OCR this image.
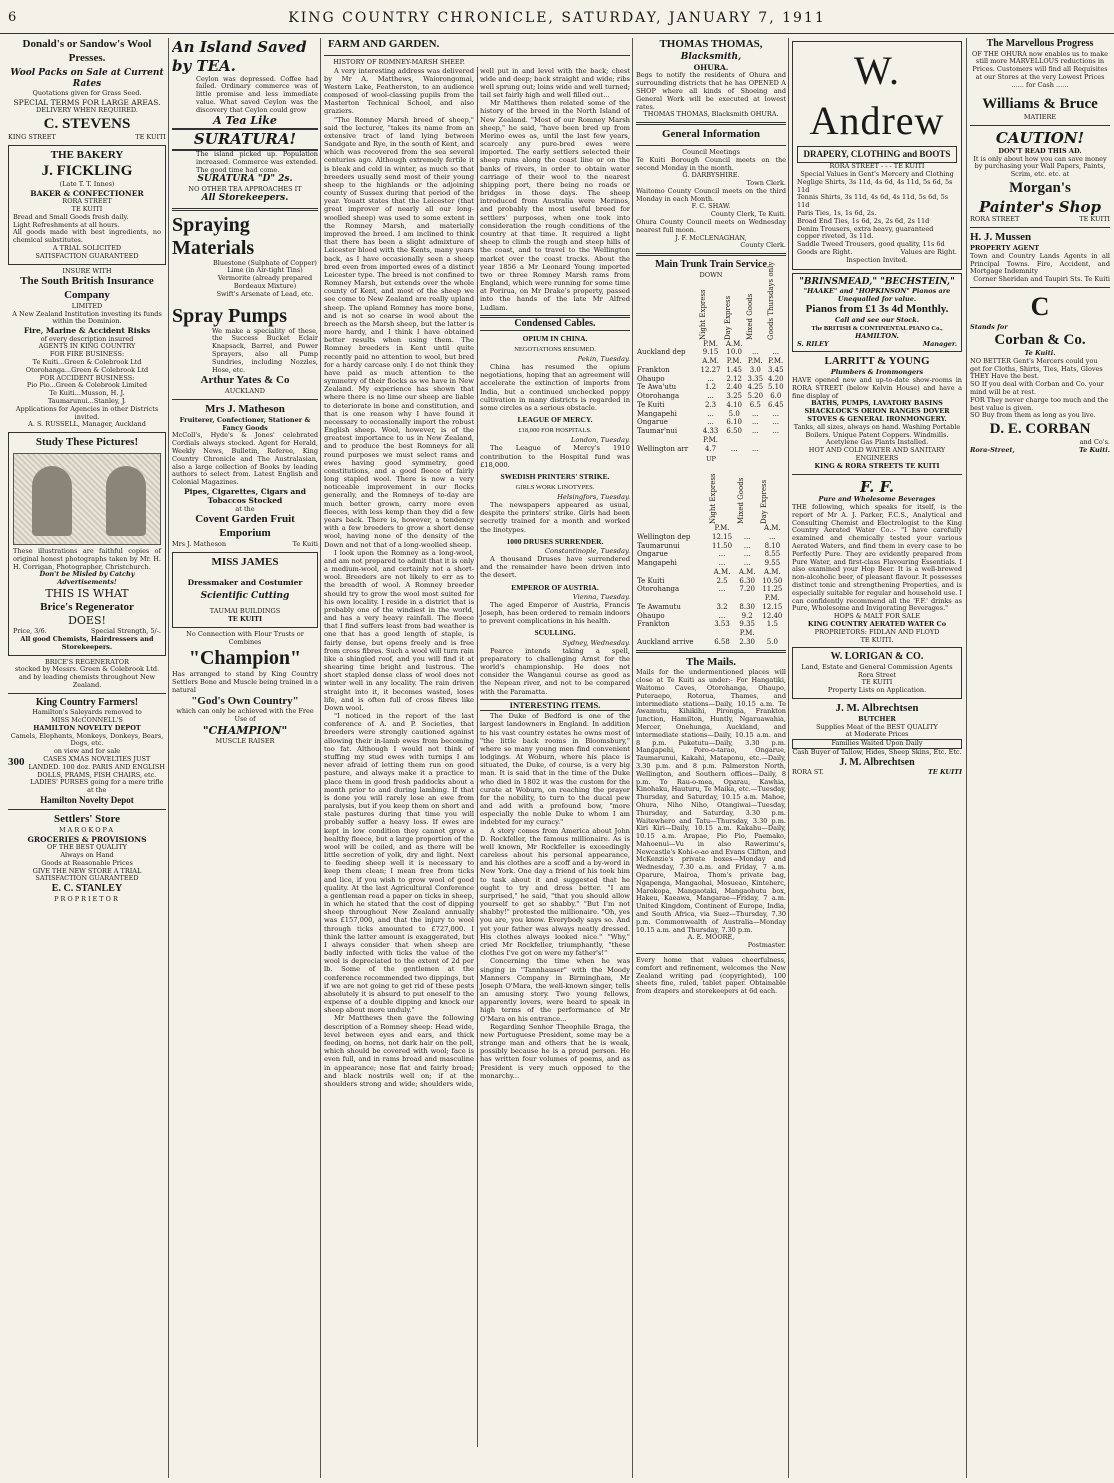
6	KING COUNTRY CHRONICLE, SATURDAY, JANUARY 7, 1911
Donald's or Sandow's Wool Presses.
Wool Packs on Sale at Current Rates
Quotations given for Grass Seed.
SPECIAL TERMS FOR LARGE AREAS.
DELIVERY WHEN REQUIRED.
C. STEVENS
KING STREET	TE KUITI
THE BAKERY
J. FICKLING
(Late T. T. Innes)
BAKER & CONFECTIONER
RORA STREET
TE KUITI
Bread and Small Goods fresh daily.
Light Refreshments at all hours.
All goods made with best ingredients, no chemical substitutes.
A TRIAL SOLICITED
SATISFACTION GUARANTEED
INSURE WITH
The South British Insurance Company
LIMITED
A New Zealand Institution investing its funds within the Dominion.
Fire, Marine & Accident Risks
of every description insured
AGENTS IN KING COUNTRY
FOR FIRE BUSINESS:
Te Kuiti...Green & Colebrook Ltd
Otorohanga...Green & Colebrook Ltd
FOR ACCIDENT BUSINESS:
Pio Pio...Green & Colebrook Limited
Te Kuiti...Musson, H. J.
Taumarunui...Stanley, J.
Applications for Agencies in other Districts invited.
A. S. RUSSELL, Manager, Auckland
Study These Pictures!
These illustrations are faithful copies of original honest photographs taken by Mr. H. H. Corrigan, Photographer, Christchurch.
Don't be Misled by Catchy Advertisements!
THIS IS WHAT
Brice's Regenerator
DOES!
Price, 3/6.	Special Strength, 5/-.
All good Chemists, Hairdressers and Storekeepers.
BRICE'S REGENERATOR
stocked by Messrs. Green & Colebrook Ltd. and by leading chemists throughout New Zealand.
King Country Farmers!
Hamilton's Saleyards removed to
MISS McCONNELL'S
HAMILTON NOVELTY DEPOT
Camels, Elephants, Monkeys, Donkeys, Bears, Dogs, etc.
on view and for sale
300	CASES XMAS NOVELTIES JUST LANDED. 100 doz. PARIS AND ENGLISH DOLLS, PRAMS, FISH CHAIRS, etc. LADIES' PURSES going for a mere trifle at the
Hamilton Novelty Depot
Settlers' Store
MAROKOPA
GROCERIES & PROVISIONS
OF THE BEST QUALITY
Always on Hand
Goods at Reasonable Prices
GIVE THE NEW STORE A TRIAL SATISFACTION GUARANTEED
E. C. STANLEY
PROPRIETOR
An Island Saved by TEA.
Ceylon was depressed. Coffee had failed. Ordinary commerce was of little promise and less immediate value. What saved Ceylon was the discovery that Ceylon could grow
A Tea Like
SURATURA!
The island picked up. Population increased. Commerce was extended. The good time had come.
SURATURA "D" 2s.
NO OTHER TEA APPROACHES IT
All Storekeepers.
Spraying Materials
Bluestone (Sulphate of Copper)
Lime (in Air-tight Tins)
Vermorite (already prepared Bordeaux Mixture)
Swift's Arsenate of Lead, etc.
Spray Pumps
We make a speciality of these, the Success Bucket Eclair Knapsack, Barrel, and Power Sprayers, also all Pump Sundries, including Nozzles, Hose, etc.
Arthur Yates & Co
AUCKLAND
Mrs J. Matheson
Fruiterer, Confectioner, Stationer & Fancy Goods
McColl's, Hyde's & Jones' celebrated Cordials always stocked. Agent for Herald, Weekly News, Bulletin, Referee, King Country Chronicle and The Australasian, also a large collection of Books by leading authors to select from. Latest English and Colonial Magazines.
Pipes, Cigarettes, Cigars and Tobaccos Stocked
at the
Covent Garden Fruit Emporium
Mrs J. Matheson	Te Kuiti
MISS JAMES
Dressmaker and Costumier
Scientific Cutting
TAUMAI BUILDINGS
TE KUITI
No Connection with Flour Trusts or Combines
"Champion"
Has arranged to stand by King Country Settlers Bone and Muscle being trained in a natural
"God's Own Country"
which can only be achieved with the Free Use of
"CHAMPION"
MUSCLE RAISER
FARM AND GARDEN.
HISTORY OF ROMNEY-MARSH SHEEP.

A very interesting address was delivered by Mr A. Matthews, Waiorongomai, Western Lake, Featherston, to an audience composed of wool-classing pupils from the Masterton Technical School, and also graziers.

"The Romney Marsh breed of sheep," said the lecturer, "takes its name from an extensive tract of land lying between Sandgate and Rye, in the south of Kent, and which was recovered from the sea several centuries ago. Although extremely fertile it is bleak and cold in winter, as much so that breeders usually send most of their young sheep to the highlands or the adjoining county of Sussex during that period of the year. Youatt states that the Leicester (that great improver of nearly all our long-woolled sheep) was used to some extent in the Romney Marsh, and materially improved the breed. I am inclined to think that there has been a slight admixture of Leicester blood with the Kents, many years back, as I have occasionally seen a sheep bred even from imported ewes of a distinct Leicester type. The breed is not confined to Romney Marsh, but extends over the whole county of Kent, and most of the sheep we see come to New Zealand are really upland sheep. The upland Romney has more bone, and is not so coarse in wool about the breech as the Marsh sheep, but the latter is more hardy, and I think I have obtained better results when using them. The Romney breeders in Kent until quite recently paid no attention to wool, but bred for a hardy carcase only. I do not think they have paid as much attention to the symmetry of their flocks as we have in New Zealand. My experience has shown that where there is no lime our sheep are liable to deteriorate in bone and constitution, and that is one reason why I have found it necessary to occasionally import the robust English sheep. Wool, however, is of the greatest importance to us in New Zealand, and to produce the best Romneys for all round purposes we must select rams and ewes having good symmetry, good constitutions, and a good fleece of fairly long stapled wool. There is now a very noticeable improvement in our flocks generally, and the Romneys of to-day are much better grown, carry more even fleeces, with less kemp than they did a few years back. There is, however, a tendency with a few breeders to grow a short dense wool, having none of the density of the Down and not that of a long-woolled sheep.

I look upon the Romney as a long-wool, and am not prepared to admit that it is only a medium-wool, and certainly not a short-wool. Breeders are not likely to err as to the breadth of wool. A Romney breeder should try to grow the wool most suited for his own locality. I reside in a district that is probably one of the windiest in the world, and has a very heavy rainfall. The fleece that I find suffers least from bad weather is one that has a good length of staple, is fairly dense, but opens freely and is free from cross fibres. Such a wool will turn rain like a shingled roof, and you will find it at shearing time bright and lustrous. The short stapled dense class of wool does not winter well in any locality. The rain driven straight into it, it becomes wasted, loses life, and is often full of cross fibres like Down wool.

"I noticed in the report of the last conference of A. and P. Societies, that breeders were strongly cautioned against allowing their in-lamb ewes from becoming too fat. Although I would not think of stuffing my stud ewes with turnips I am never afraid of letting them run on good pasture, and always make it a practice to place them in good fresh paddocks about a month prior to and during lambing. If that is done you will rarely lose an ewe from paralysis, but if you keep them on short and stale pastures during that time you will probably suffer a heavy loss. If ewes are kept in low condition they cannot grow a healthy fleece, but a large proportion of the wool will be coiled, and as there will be little secretion of yolk, dry and light. Next to feeding sheep well it is necessary to keep them clean; I mean free from ticks and lice, if you wish to grow wool of good quality. At the last Agricultural Conference a gentleman read a paper on ticks in sheep, in which he stated that the cost of dipping sheep throughout New Zealand annually was £157,000, and that the injury to wool through ticks amounted to £727,000. I think the latter amount is exaggerated, but I always consider that when sheep are badly infected with ticks the value of the wool is depreciated to the extent of 2d per lb. Some of the gentlemen at the conference recommended two dippings, but if we are not going to get rid of these pests absolutely it is absurd to put oneself to the expense of a double dipping and knock our sheep about more unduly."

Mr Matthews then gave the following description of a Romney sheep: Head wide, level between eyes and ears, and thick feeding, on horns, not dark hair on the poll, which should be covered with wool; face is even full, and in rams broad and masculine in appearance; nose flat and fairly broad; and black nostrils well on; if at the shoulders strong and wide; shoulders wide, well put in and level with the back; chest wide and deep; back straight and wide; ribs well sprung out; loins wide and well turned; tail set fairly high and well filled out...

Mr Matthews then related some of the history of the breed in the North Island of New Zealand. "Most of our Romney Marsh sheep," he said, "have been bred up from Merino ewes as, until the last few years, scarcely any pure-bred ewes were imported. The early settlers selected their sheep runs along the coast line or on the banks of rivers, in order to obtain water carriage of their wool to the nearest shipping port, there being no roads or bridges in those days. The sheep introduced from Australia were Merinos, and probably the most useful breed for settlers' purposes, when one took into consideration the rough conditions of the country at that time. It required a light sheep to climb the rough and steep hills of the coast, and to travel to the Wellington market over the coast tracks. About the year 1856 a Mr Leonard Young imported two or three Romney Marsh rams from England, which were running for some time at Porirua, on Mr Drake's property, passed into the hands of the late Mr Alfred Ludlam.

Condensed Cables.
OPIUM IN CHINA.
NEGOTIATIONS RESUMED.
Pekin, Tuesday.

China has resumed the opium negotiations, hoping that an agreement will accelerate the extinction of imports from India, but a continued unchecked poppy cultivation in many districts is regarded in some circles as a serious obstacle.

LEAGUE OF MERCY.
£18,000 FOR HOSPITALS.
London, Tuesday.

The League of Mercy's 1910 contribution to the Hospital fund was £18,000.

SWEDISH PRINTERS' STRIKE.
GIRLS WORK LINOTYPES.
Helsingfors, Tuesday.

The newspapers appeared as usual, despite the printers' strike. Girls had been secretly trained for a month and worked the linotypes.

1000 DRUSES SURRENDER.
Constantinople, Tuesday.

A thousand Druses have surrendered and the remainder have been driven into the desert.

EMPEROR OF AUSTRIA.
Vienna, Tuesday.

The aged Emperor of Austria, Francis Joseph, has been ordered to remain indoors to prevent complications in his health.

SCULLING.
Sydney, Wednesday.

Pearce intends taking a spell, preparatory to challenging Arnst for the world's championship. He does not consider the Wanganui course as good as the Nepean river, and not to be compared with the Paramatta.

INTERESTING ITEMS.

The Duke of Bedford is one of the largest landowners in England. In addition to his vast country estates he owns most of "the little back rooms in Bloomsbury," where so many young men find convenient lodgings. At Woburn, where his place is situated, the Duke, of course, is a very big man. It is said that in the time of the Duke who died in 1802 it was the custom for the curate at Woburn, on reaching the prayer for the nobility, to turn to the ducal pew and add with a profound bow, "more especially the noble Duke to whom I am indebted for my curacy."

A story comes from America about John D. Rockfeller, the famous millionaire. As is well known, Mr Rockfeller is exceedingly careless about his personal appearance, and his clothes are a scoff and a by-word in New York. One day a friend of his took him to task about it and suggested that he ought to try and dress better. "I am surprised," he said, "that you should allow yourself to get so shabby." "But I'm not shabby!" protested the millionaire. "Oh, yes you are, you know. Everybody says so. And yet your father was always neatly dressed. His clothes always looked nice." "Why," cried Mr Rockfeller, triumphantly, "these clothes I've got on were my father's!"

Concerning the time when he was singing in "Tannhauser" with the Moody Manners Company in Birmingham, Mr Joseph O'Mara, the well-known singer, tells an amusing story. Two young fellows, apparently lovers, were heard to speak in high terms of the performance of Mr O'Mara on his entrance...

Regarding Senhor Theophile Braga, the new Portuguese President, some may be a strange man and others that he is weak, possibly because he is a proud person. He has written four volumes of poems, and as President is very much opposed to the monarchy...

THOMAS THOMAS,
Blacksmith,
OHURA.
Begs to notify the residents of Ohura and surrounding districts that he has OPENED A SHOP where all kinds of Shoeing and General Work will be executed at lowest rates.
THOMAS THOMAS, Blacksmith OHURA.
General Information
Council Meetings
Te Kuiti Borough Council meets on the second Monday in the month.
G. DARBYSHIRE.
Town Clerk.
Waitomo County Council meets on the third Monday in each Month.
F. C. SHAW.
County Clerk, Te Kuiti.
Ohura County Council meets on Wednesday nearest full moon.
J. F. McCLENAGHAN,
County Clerk.
Main Trunk Train Service
DOWN

	Night Express	Day Express	Mixed Goods	Goods Thursdays only

	P.M.	A.M.		
Auckland dep	9.15	10.0	...	...
	A.M.	P.M.	P.M.	P.M.
Frankton	12.27	1.45	3.0	3.45
Ohaupo	...	2.12	3.35	4.20
Te Awa'utu	1.2	2.40	4.25	5.10
Otorohanga	...	3.25	5.20	6.0
Te Kuiti	2.3	4.10	6.5	6.45
Mangapehi	...	5.0	...	...
Ongarue	...	6.10	...	...
Taumar'nui	4.33	6.50	...	...
	P.M.			
Wellington arr	4.7	...	...	
UP

	Night Express	Mixed Goods	Day Express

	P.M.		A.M.
Wellington dep	12.15	...	...
Taumarunui	11.50	...	8.10
Ongarue	...	...	8.55
Mangapehi	...	...	9.55
	A.M.	A.M.	A.M.
Te Kuiti	2.5	6.30	10.50
Otorohanga	...	7.20	11.25
			P.M.
Te Awamutu	3.2	8.30	12.15
Ohaupo	...	9.2	12.40
Frankton	3.53	9.35	1.5
		P.M.	
Auckland arrive	6.58	2.30	5.0
The Mails.
Mails for the undermentioned places will close at Te Kuiti as under:- For Hangatiki, Waitomo Caves, Otorohanga, Ohaupo, Puteraepo, Rotorua, Thames, and intermediate stations—Daily, 10.15 a.m. Te Awamutu, Kihikihi, Pirongia, Frankton Junction, Hamilton, Huntly, Ngaruawahia, Mercer, Onehunga, Auckland, and intermediate stations—Daily, 10.15 a.m. and 8 p.m. Puketutu—Daily, 3.30 p.m. Mangapehi, Poro-o-tarao, Ongarue, Taumarunui, Kakahi, Mataponu, etc.—Daily, 3.30 p.m. and 8 p.m. Palmerston North, Wellington, and Southern offices—Daily, 8 p.m. To Rau-o-mea, Oparau, Kawhia, Kinohaku, Hauturu, Te Maika, etc.—Tuesday, Thursday, and Saturday, 10.15 a.m. Mahoe, Ohura, Niho Niho, Otangiwai—Tuesday, Thursday, and Saturday, 3.30 p.m. Waitewhero and Tatu—Thursday, 3.30 p.m. Kiri Kiri—Daily, 10.15 a.m. Kakahu—Daily, 10.15 a.m. Arapae, Pio Pio, Paemako, Mahoenui—Vu in also Rawerimu's, Newcastle's Kohi-o-ao and Evans Clifton, and McKenzie's private boxes—Monday and Wednesday, 7.30 a.m. and Friday, 7 a.m. Oparure, Mairoa, Thom's private bag, Ngapenga, Mangaohai, Mosueao, Kinteherc, Marokopa, Mangaotaki, Mangaohutu box, Hakeu, Kaeawa, Mangarae—Friday, 7 a.m. United Kingdom, Continent of Europe, India, and South Africa, via Suez—Thursday, 7.30 p.m. Commonwealth of Australia—Monday 10.15 a.m. and Thursday, 7.30 p.m.
A. E. MOORE,
Postmaster.
Every home that values cheerfulness, comfort and refinement, welcomes the New Zealand writing pad (copyrighted), 100 sheets fine, ruled, tablet paper. Obtainable from drapers and storekeepers at 6d each.
W. Andrew
DRAPERY, CLOTHING and BOOTS
RORA STREET - - - TE KUITI
Special Values in Gent's Mercery and Clothing
Neglige Shirts, 3s 11d, 4s 6d, 4s 11d, 5s 6d, 5s 11d
Tennis Shirts, 3s 11d, 4s 6d, 4s 11d, 5s 6d, 5s 11d
Paris Ties, 1s, 1s 6d, 2s.
Broad End Ties, 1s 6d, 2s, 2s 6d, 2s 11d
Denim Trousers, extra heavy, guaranteed copper riveted, 3s 11d.
Saddle Tweed Trousers, good quality, 11s 6d
Goods are Right.	Values are Right.
Inspection Invited.
"BRINSMEAD," "BECHSTEIN,"
"HAAKE" and "HOPKINSON" Pianos are Unequalled for value.
Pianos from £1 3s 4d Monthly.
Call and see our Stock.
The BRITISH & CONTINENTAL PIANO Co.,
HAMILTON.
S. RILEY	Manager.
LARRITT & YOUNG
Plumbers & Ironmongers
HAVE opened new and up-to-date show-rooms in RORA STREET (below Kelvin House) and have a fine display of
BATHS, PUMPS, LAVATORY BASINS SHACKLOCK'S ORION RANGES DOVER STOVES & GENERAL IRONMONGERY.
Tanks, all sizes, always on hand. Washing Portable Boilers. Unique Patent Coppers. Windmills.
Acetylene Gas Plants Installed.
HOT AND COLD WATER AND SANITARY ENGINEERS
KING & RORA STREETS TE KUITI
F. F.
Pure and Wholesome Beverages
THE following, which speaks for itself, is the report of Mr A. J. Parker, F.C.S., Analytical and Consulting Chemist and Electrologist to the King Country Aerated Water Co.:- "I have carefully examined and chemically tested your various Aerated Waters, and find them in every case to be Perfectly Pure. They are evidently prepared from Pure Water, and first-class Flavouring Essentials. I also examined your Hop Beer. It is a well-brewed non-alcoholic beer, of pleasant flavour. It possesses distinct tonic and strengthening Properties, and is especially suitable for regular and household use. I can confidently recommend all the 'F.F.' drinks as Pure, Wholesome and Invigorating Beverages."
HOPS & MALT FOR SALE
KING COUNTRY AERATED WATER Co
PROPRIETORS: FIDLAN AND FLOYD
TE KUITI.
W. LORIGAN & CO.
Land, Estate and General Commission Agents
Rora Street
TE KUITI
Property Lists on Application.
J. M. Albrechtsen
BUTCHER
Supplies Meat of the BEST QUALITY
at Moderate Prices
Families Waited Upon Daily
Cash Buyer of Tallow, Hides, Sheep Skins, Etc. Etc.
J. M. Albrechtsen
RORA ST.	TE KUITI
The Marvellous Progress
OF THE OHURA now enables us to make still more MARVELLOUS reductions in Prices. Customers will find all Requisites at our Stores at the very Lowest Prices ...... for Cash ......
Williams & Bruce
MATIERE
CAUTION!
DON'T READ THIS AD.
It is only about how you can save money by purchasing your Wall Papers, Paints, Scrim, etc. etc. at
Morgan's
Painter's Shop
RORA STREET	TE KUITI
H. J. Mussen
PROPERTY AGENT
Town and Country Lands Agents in all Principal Towns. Fire, Accident, and Mortgage Indemnity
Corner Sheridan and Taupiri Sts. Te Kuiti
C
Stands for
Corban & Co.
Te Kuiti.
NO BETTER Gent's Mercers could you get for Cloths, Shirts, Ties, Hats, Gloves
THEY Have the best.
SO If you deal with Corban and Co. your mind will be at rest.
FOR They never charge too much and the best value is given.
SO Buy from them as long as you live.
D. E. CORBAN
and Co's.
Rora-Street,	Te Kuiti.
